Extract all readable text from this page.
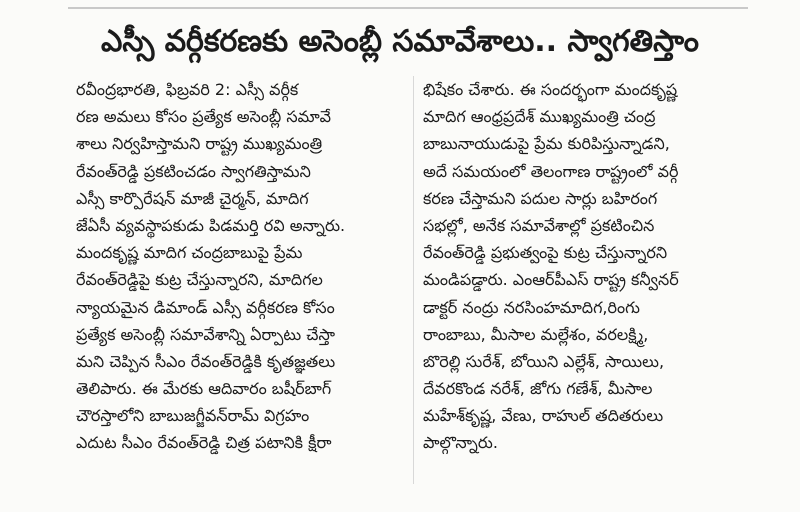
ఎస్సీ వర్గీకరణకు అసెంబ్లీ సమావేశాలు.. స్వాగతిస్తాం
రవీంద్రభారతి, ఫిబ్రవరి 2: ఎస్సీ వర్గీక
రణ అమలు కోసం ప్రత్యేక అసెంబ్లీ సమావే
శాలు నిర్వహిస్తామని రాష్ట్ర ముఖ్యమంత్రి
రేవంత్‌రెడ్డి ప్రకటించడం స్వాగతిస్తామని
ఎస్సీ కార్పొరేషన్ మాజీ చైర్మన్, మాదిగ
జేఏసీ వ్యవస్థాపకుడు పిడమర్తి రవి అన్నారు.
మందకృష్ణ మాదిగ చంద్రబాబుపై ప్రేమ
రేవంత్‌రెడ్డిపై కుట్ర చేస్తున్నారని, మాదిగల
న్యాయమైన డిమాండ్ ఎస్సీ వర్గీకరణ కోసం
ప్రత్యేక అసెంబ్లీ సమావేశాన్ని ఏర్పాటు చేస్తా
మని చెప్పిన సీఎం రేవంత్‌రెడ్డికి కృతజ్ఞతలు
తెలిపారు. ఈ మేరకు ఆదివారం బషీర్‌బాగ్
చౌరస్తాలోని బాబుజగ్జీవన్‌రామ్ విగ్రహం
ఎదుట సీఎం రేవంత్‌రెడ్డి చిత్ర పటానికి క్షీరా
భిషేకం చేశారు. ఈ సందర్భంగా మందకృష్ణ
మాదిగ ఆంధ్రప్రదేశ్ ముఖ్యమంత్రి చంద్ర
బాబునాయుడుపై ప్రేమ కురిపిస్తున్నాడని,
అదే సమయంలో తెలంగాణ రాష్ట్రంలో వర్గీ
కరణ చేస్తామని పదుల సార్లు బహిరంగ
సభల్లో, అనేక సమావేశాల్లో ప్రకటించిన
రేవంత్‌రెడ్డి ప్రభుత్వంపై కుట్ర చేస్తున్నారని
మండిపడ్డారు. ఎంఆర్‌పీఎస్ రాష్ట్ర కన్వీనర్
డాక్టర్ నంద్రు నరసింహమాదిగ,రింగు
రాంబాబు, మీసాల మల్లేశం, వరలక్ష్మి,
బొరెల్లి సురేశ్, బోయిని ఎల్లేశ్, సాయిలు,
దేవరకొండ నరేశ్, జోగు గణేశ్, మీసాల
మహేశ్‌కృష్ణ, వేణు, రాహుల్ తదితరులు
పాల్గొన్నారు.
